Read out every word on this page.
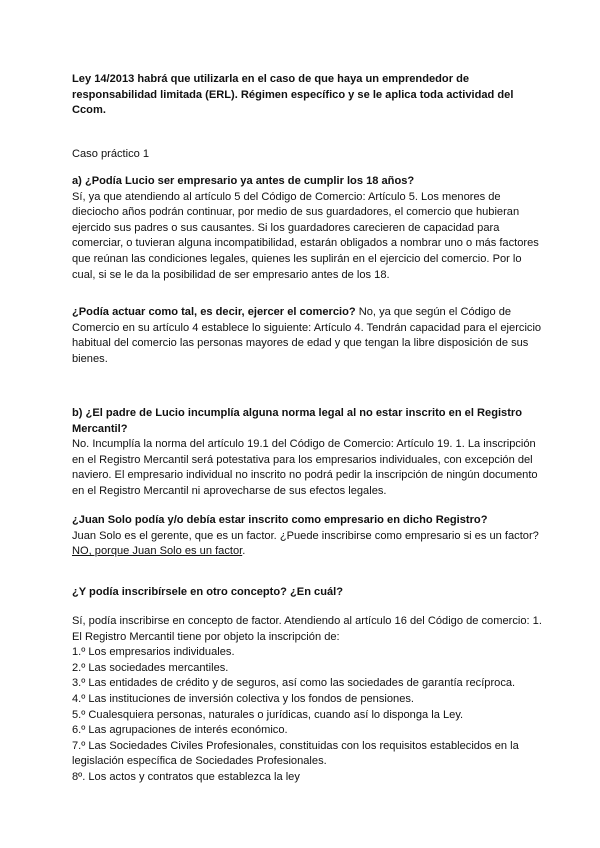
Ley 14/2013 habrá que utilizarla en el caso de que haya un emprendedor de responsabilidad limitada (ERL). Régimen específico y se le aplica toda actividad del Ccom.

Caso práctico 1

a) ¿Podía Lucio ser empresario ya antes de cumplir los 18 años?

Sí, ya que atendiendo al artículo 5 del Código de Comercio: Artículo 5. Los menores de dieciocho años podrán continuar, por medio de sus guardadores, el comercio que hubieran ejercido sus padres o sus causantes. Si los guardadores carecieren de capacidad para comerciar, o tuvieran alguna incompatibilidad, estarán obligados a nombrar uno o más factores que reúnan las condiciones legales, quienes les suplirán en el ejercicio del comercio. Por lo cual, si se le da la posibilidad de ser empresario antes de los 18.

¿Podía actuar como tal, es decir, ejercer el comercio? No, ya que según el Código de Comercio en su artículo 4 establece lo siguiente: Artículo 4. Tendrán capacidad para el ejercicio habitual del comercio las personas mayores de edad y que tengan la libre disposición de sus bienes.

b) ¿El padre de Lucio incumplía alguna norma legal al no estar inscrito en el Registro Mercantil?

No. Incumplía la norma del artículo 19.1 del Código de Comercio: Artículo 19. 1. La inscripción en el Registro Mercantil será potestativa para los empresarios individuales, con excepción del naviero. El empresario individual no inscrito no podrá pedir la inscripción de ningún documento en el Registro Mercantil ni aprovecharse de sus efectos legales.

¿Juan Solo podía y/o debía estar inscrito como empresario en dicho Registro?

Juan Solo es el gerente, que es un factor. ¿Puede inscribirse como empresario si es un factor? NO, porque Juan Solo es un factor.

¿Y podía inscribírsele en otro concepto? ¿En cuál?

Sí, podía inscribirse en concepto de factor. Atendiendo al artículo 16 del Código de comercio: 1. El Registro Mercantil tiene por objeto la inscripción de:

1.º Los empresarios individuales.
2.º Las sociedades mercantiles.
3.º Las entidades de crédito y de seguros, así como las sociedades de garantía recíproca.
4.º Las instituciones de inversión colectiva y los fondos de pensiones.
5.º Cualesquiera personas, naturales o jurídicas, cuando así lo disponga la Ley.
6.º Las agrupaciones de interés económico.
7.º Las Sociedades Civiles Profesionales, constituidas con los requisitos establecidos en la legislación específica de Sociedades Profesionales.
8º. Los actos y contratos que establezca la ley
